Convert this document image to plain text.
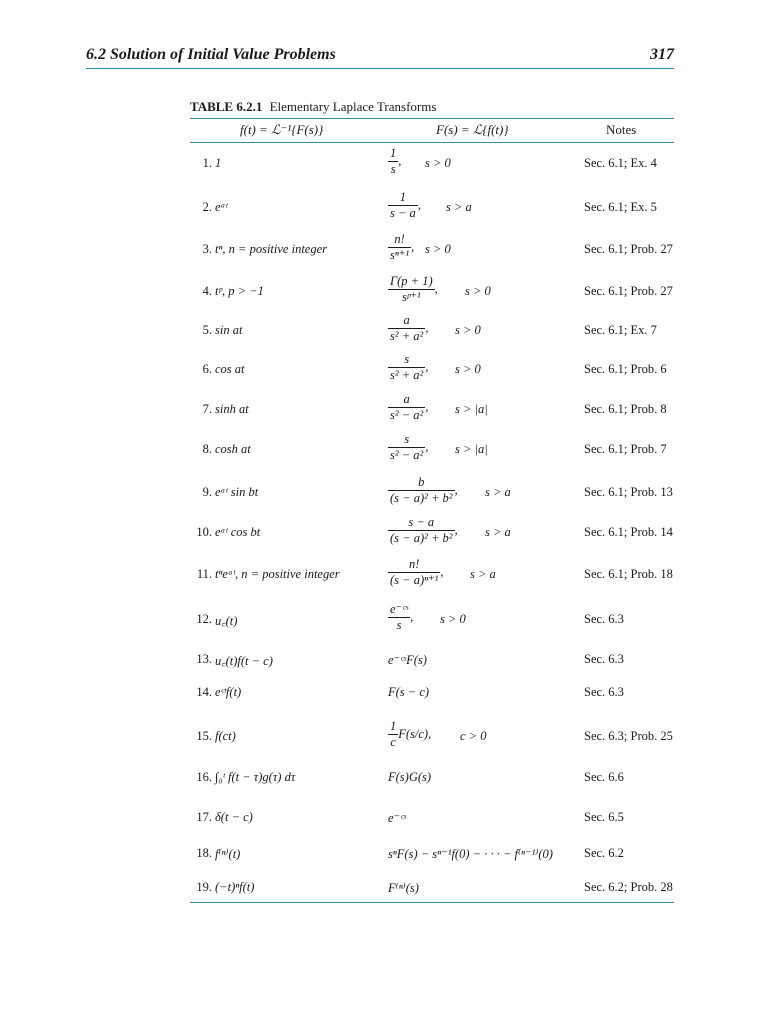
6.2 Solution of Initial Value Problems	317
TABLE 6.2.1 Elementary Laplace Transforms
f(t) = ℒ⁻¹{F(s)}	F(s) = ℒ{f(t)}	Notes
1. 1	$\frac{1}{s}$ , s > 0	Sec. 6.1; Ex. 4
2. eᵃᵗ	$\frac{1}{s - a}$ , s > a	Sec. 6.1; Ex. 5
3. tⁿ, n = positive integer	$\frac{n!}{\text{sⁿ⁺¹}}$ , s > 0	Sec. 6.1; Prob. 27
4. tᵖ, p > −1	$\frac{\Gamma(p + 1)}{\text{sᵖ⁺¹}}$ , s > 0	Sec. 6.1; Prob. 27
5. sin at	$\frac{a}{\text{s² + a²}}$ , s > 0	Sec. 6.1; Ex. 7
6. cos at	$\frac{s}{\text{s² + a²}}$ , s > 0	Sec. 6.1; Prob. 6
7. sinh at	$\frac{a}{\text{s² − a²}}$ , s > |a|	Sec. 6.1; Prob. 8
8. cosh at	$\frac{s}{\text{s² − a²}}$ , s > |a|	Sec. 6.1; Prob. 7
9. eᵃᵗ sin bt	$\frac{b}{\text{(s − a)² + b²}}$ , s > a	Sec. 6.1; Prob. 13
10. eᵃᵗ cos bt	$\frac{s - a}{\text{(s − a)² + b²}}$ , s > a	Sec. 6.1; Prob. 14
11. tⁿeᵃᵗ, n = positive integer	$\frac{n!}{\text{(s − a)ⁿ⁺¹}}$ , s > a	Sec. 6.1; Prob. 18
12. u꜀(t)	$\frac{\text{e⁻ᶜˢ}}{s}$ , s > 0	Sec. 6.3
13. u꜀(t)f(t − c)	e⁻ᶜˢF(s)	Sec. 6.3
14. eᶜᵗf(t)	F(s − c)	Sec. 6.3
15. f(ct)	$\frac{1}{c} F(s/c)$, c > 0	Sec. 6.3; Prob. 25
16. ∫₀ᵗ f(t − τ)g(τ) dτ	F(s)G(s)	Sec. 6.6
17. δ(t − c)	e⁻ᶜˢ	Sec. 6.5
18. f⁽ⁿ⁾(t)	sⁿF(s) − sⁿ⁻¹f(0) − · · · − f⁽ⁿ⁻¹⁾(0) Sec. 6.2
19. (−t)ⁿf(t)	F⁽ⁿ⁾(s)	Sec. 6.2; Prob. 28
